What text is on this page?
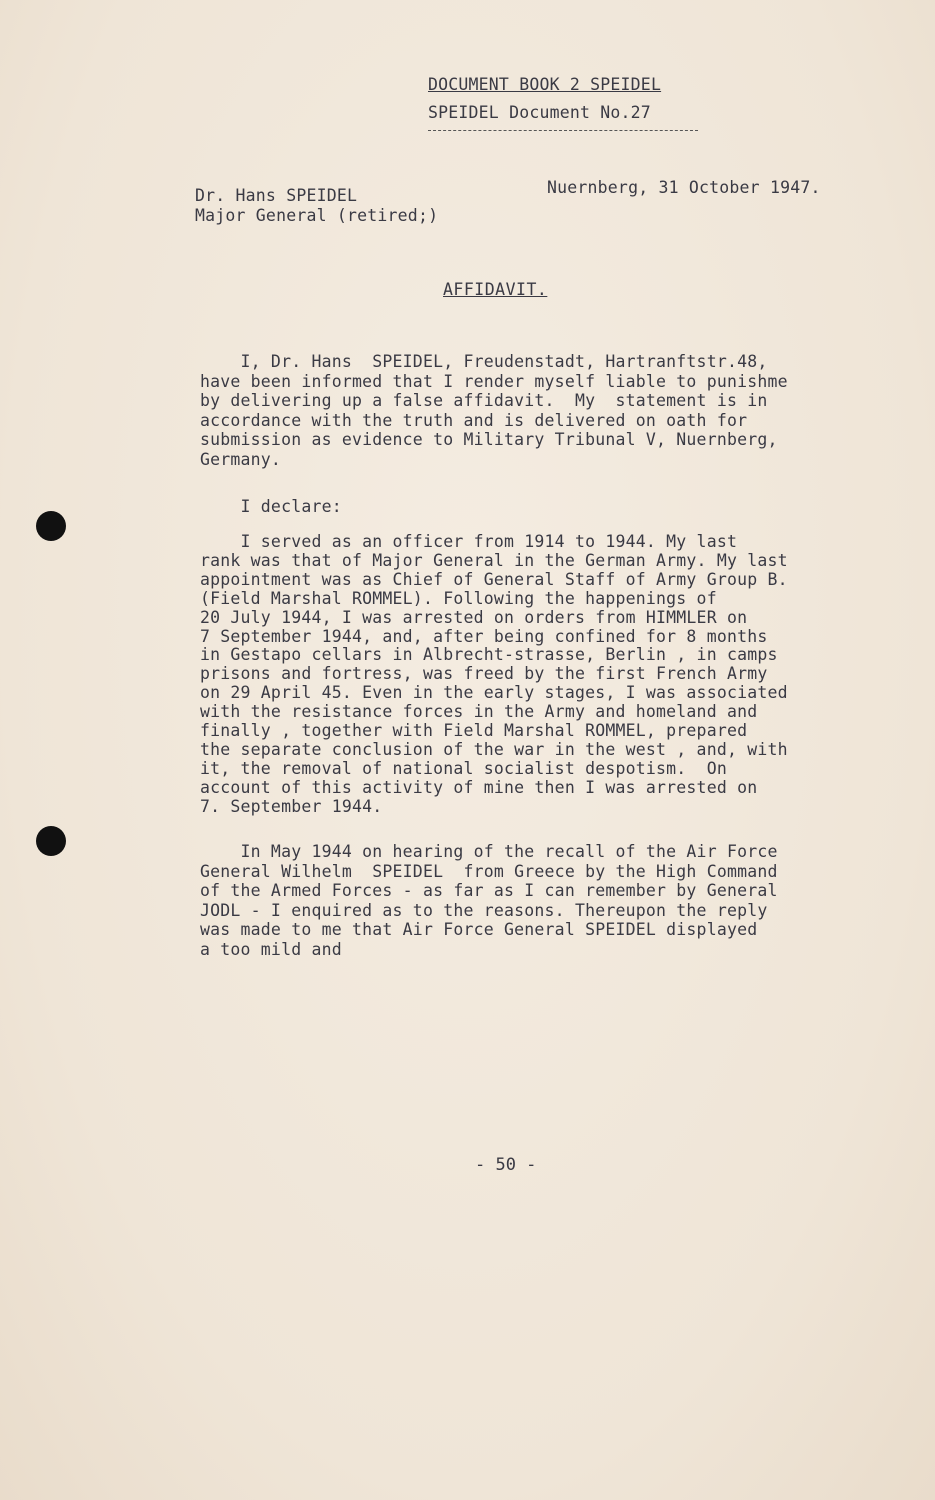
DOCUMENT BOOK 2 SPEIDEL
SPEIDEL Document No.27
Dr. Hans SPEIDEL
Major General (retired;)
Nuernberg, 31 October 1947.
AFFIDAVIT.
I, Dr. Hans  SPEIDEL, Freudenstadt, Hartranftstr.48,
have been informed that I render myself liable to punishme
by delivering up a false affidavit.  My  statement is in
accordance with the truth and is delivered on oath for
submission as evidence to Military Tribunal V, Nuernberg,
Germany.
I declare:
I served as an officer from 1914 to 1944. My last
rank was that of Major General in the German Army. My last
appointment was as Chief of General Staff of Army Group B.
(Field Marshal ROMMEL). Following the happenings of
20 July 1944, I was arrested on orders from HIMMLER on
7 September 1944, and, after being confined for 8 months
in Gestapo cellars in Albrecht-strasse, Berlin , in camps
prisons and fortress, was freed by the first French Army
on 29 April 45. Even in the early stages, I was associated
with the resistance forces in the Army and homeland and
finally , together with Field Marshal ROMMEL, prepared
the separate conclusion of the war in the west , and, with
it, the removal of national socialist despotism.  On
account of this activity of mine then I was arrested on
7. September 1944.
In May 1944 on hearing of the recall of the Air Force
General Wilhelm  SPEIDEL  from Greece by the High Command
of the Armed Forces - as far as I can remember by General
JODL - I enquired as to the reasons. Thereupon the reply
was made to me that Air Force General SPEIDEL displayed
a too mild and
- 50 -
